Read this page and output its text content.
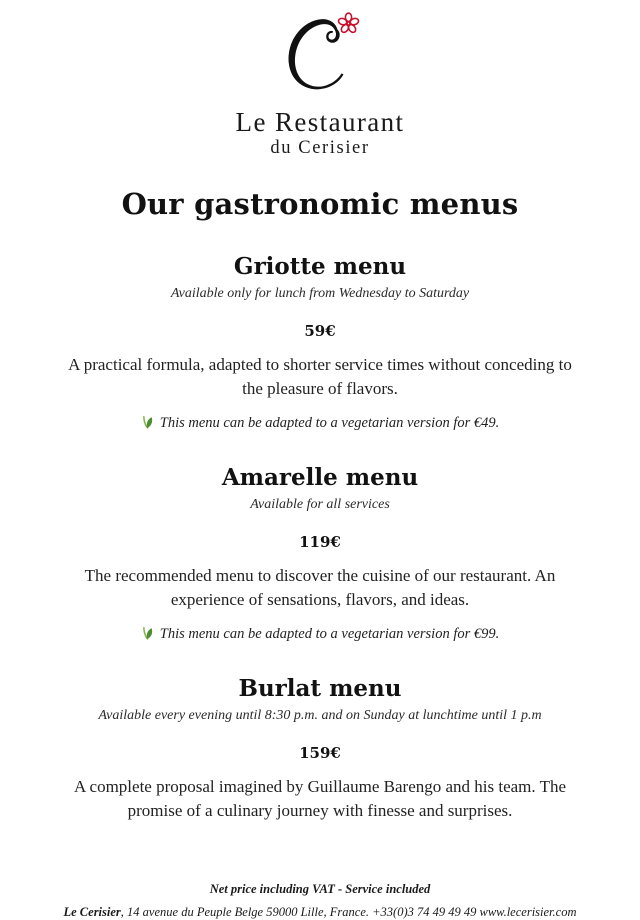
Le Restaurant
du Cerisier
Our gastronomic menus
Griotte menu
Available only for lunch from Wednesday to Saturday
59€
A practical formula, adapted to shorter service times without conceding to the pleasure of flavors.
This menu can be adapted to a vegetarian version for €49.
Amarelle menu
Available for all services
119€
The recommended menu to discover the cuisine of our restaurant. An experience of sensations, flavors, and ideas.
This menu can be adapted to a vegetarian version for €99.
Burlat menu
Available every evening until 8:30 p.m. and on Sunday at lunchtime until 1 p.m
159€
A complete proposal imagined by Guillaume Barengo and his team. The promise of a culinary journey with finesse and surprises.
Net price including VAT - Service included
Le Cerisier, 14 avenue du Peuple Belge 59000 Lille, France. +33(0)3 74 49 49 49 www.lecerisier.com
